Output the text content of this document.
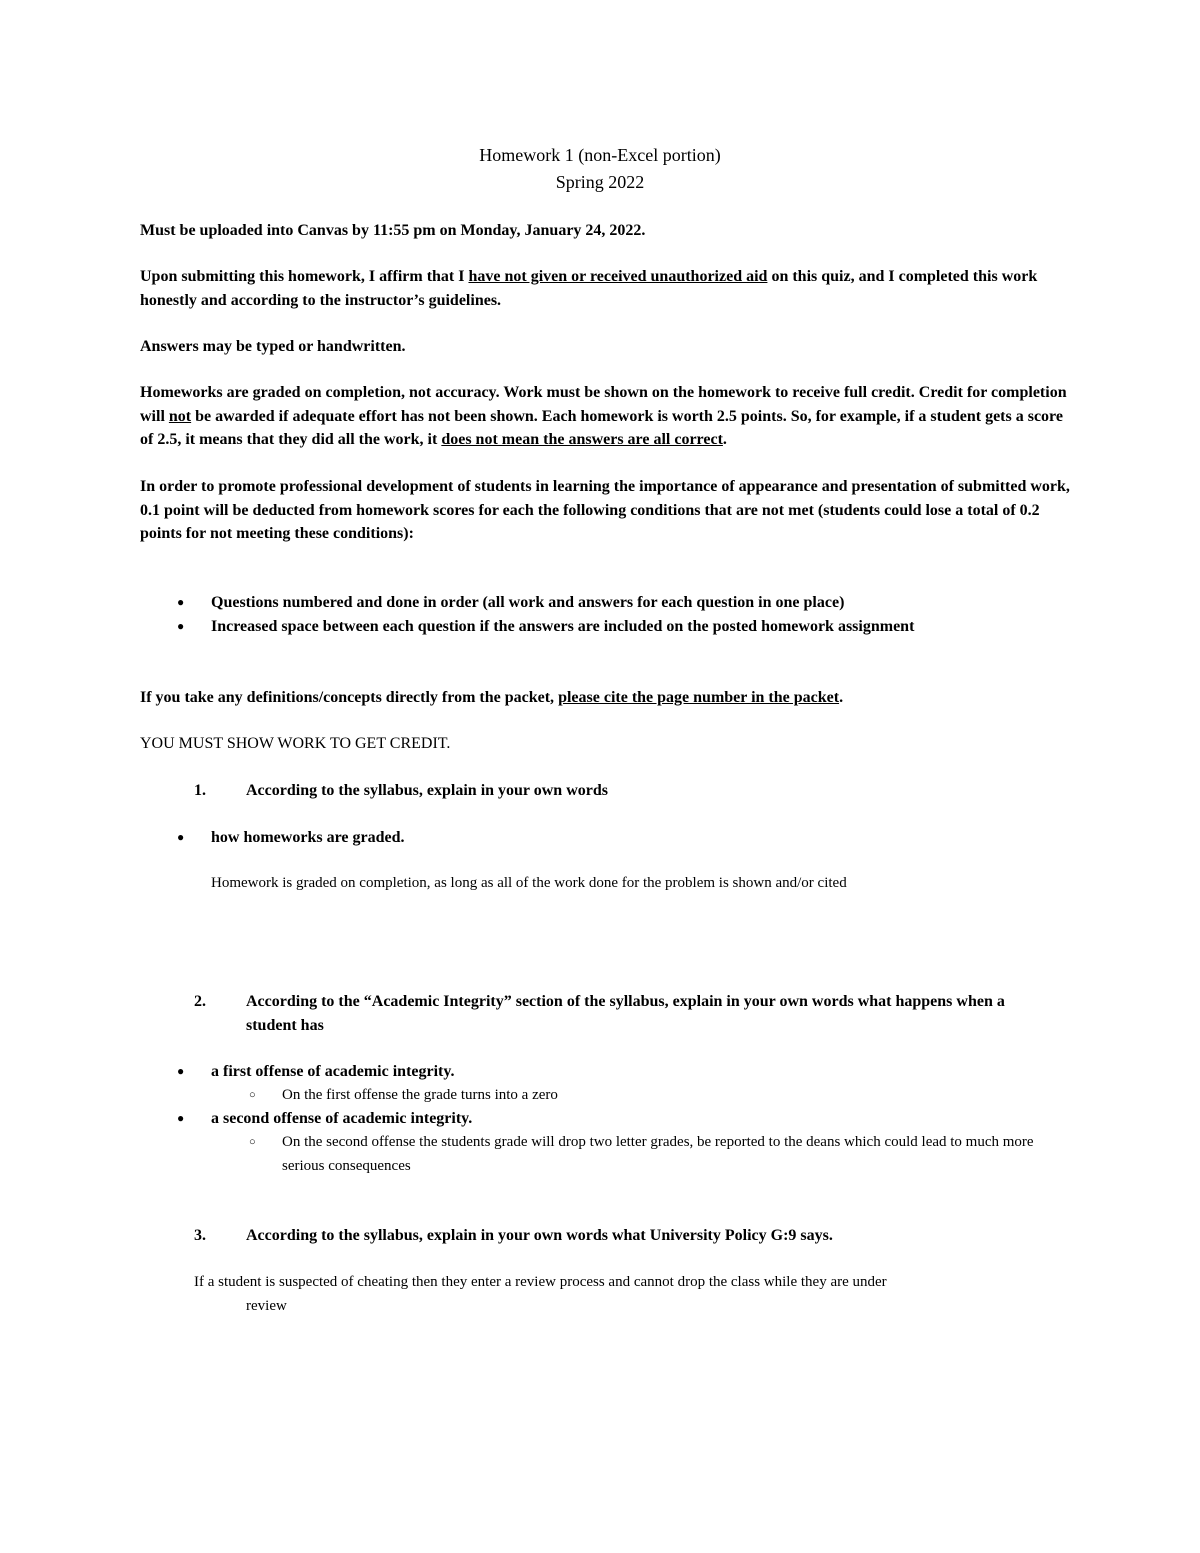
Homework 1 (non-Excel portion)
Spring 2022
Must be uploaded into Canvas by 11:55 pm on Monday, January 24, 2022.
Upon submitting this homework, I affirm that I have not given or received unauthorized aid on this quiz, and I completed this work honestly and according to the instructor’s guidelines.
Answers may be typed or handwritten.
Homeworks are graded on completion, not accuracy. Work must be shown on the homework to receive full credit. Credit for completion will not be awarded if adequate effort has not been shown. Each homework is worth 2.5 points. So, for example, if a student gets a score of 2.5, it means that they did all the work, it does not mean the answers are all correct.
In order to promote professional development of students in learning the importance of appearance and presentation of submitted work, 0.1 point will be deducted from homework scores for each the following conditions that are not met (students could lose a total of 0.2 points for not meeting these conditions):
● Questions numbered and done in order (all work and answers for each question in one place)
● Increased space between each question if the answers are included on the posted homework assignment
If you take any definitions/concepts directly from the packet, please cite the page number in the packet.
YOU MUST SHOW WORK TO GET CREDIT.
1.	According to the syllabus, explain in your own words
● how homeworks are graded.
Homework is graded on completion, as long as all of the work done for the problem is shown and/or cited
2.	According to the “Academic Integrity” section of the syllabus, explain in your own words what happens when a student has
● a first offense of academic integrity.
○ On the first offense the grade turns into a zero
● a second offense of academic integrity.
○ On the second offense the students grade will drop two letter grades, be reported to the deans which could lead to much more serious consequences
3.	According to the syllabus, explain in your own words what University Policy G:9 says.
If a student is suspected of cheating then they enter a review process and cannot drop the class while they are under
review
